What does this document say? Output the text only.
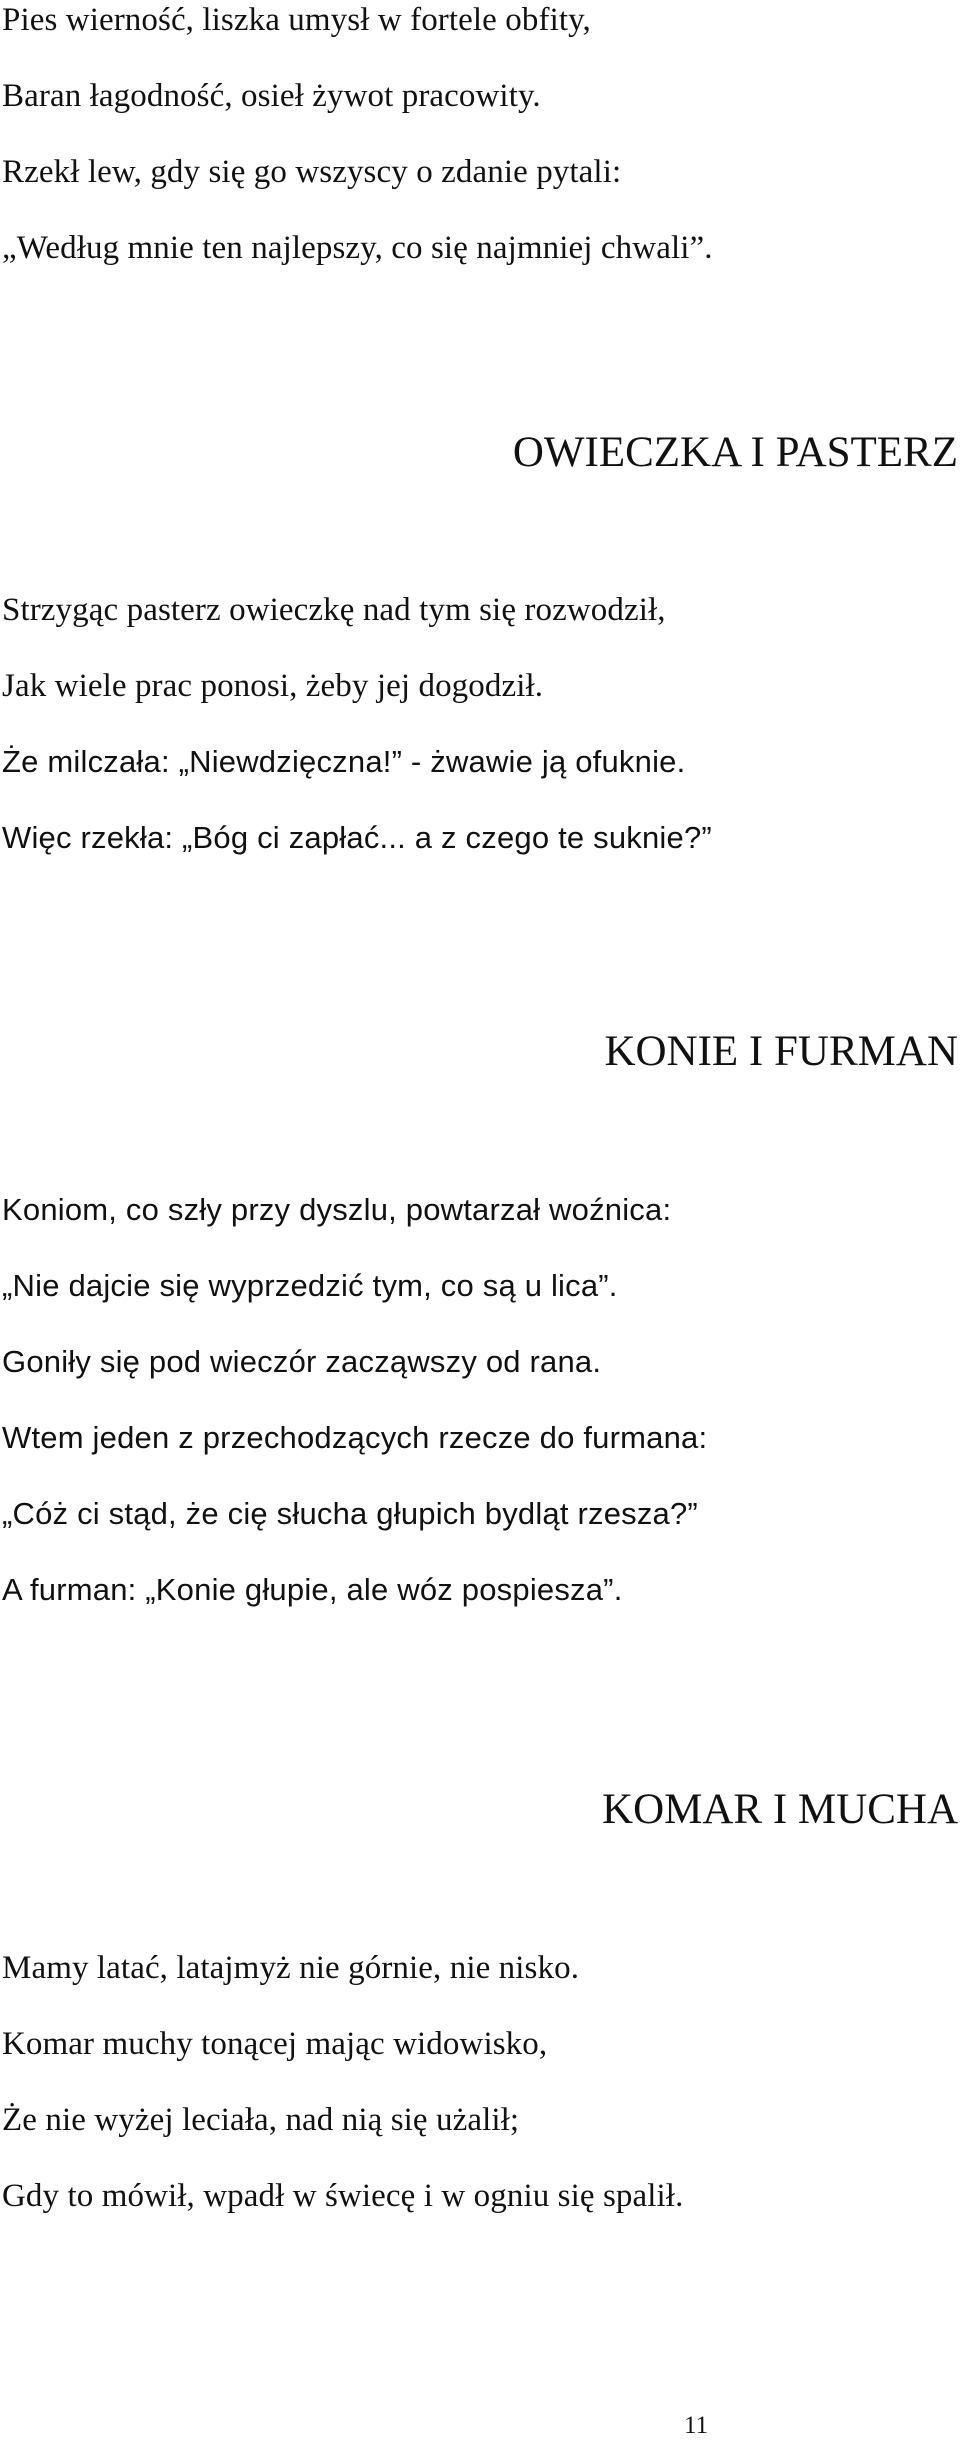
Pies wierność, liszka umysł w fortele obfity,

Baran łagodność, osieł żywot pracowity.

Rzekł lew, gdy się go wszyscy o zdanie pytali:

„Według mnie ten najlepszy, co się najmniej chwali”.

OWIECZKA I PASTERZ

Strzygąc pasterz owieczkę nad tym się rozwodził,

Jak wiele prac ponosi, żeby jej dogodził.

Że milczała: „Niewdzięczna!” - żwawie ją ofuknie.

Więc rzekła: „Bóg ci zapłać... a z czego te suknie?”

KONIE I FURMAN

Koniom, co szły przy dyszlu, powtarzał woźnica:

„Nie dajcie się wyprzedzić tym, co są u lica”.

Goniły się pod wieczór zacząwszy od rana.

Wtem jeden z przechodzących rzecze do furmana:

„Cóż ci stąd, że cię słucha głupich bydląt rzesza?”

A furman: „Konie głupie, ale wóz pospiesza”.

KOMAR I MUCHA

Mamy latać, latajmyż nie górnie, nie nisko.

Komar muchy tonącej mając widowisko,

Że nie wyżej leciała, nad nią się użalił;

Gdy to mówił, wpadł w świecę i w ogniu się spalił.

11
